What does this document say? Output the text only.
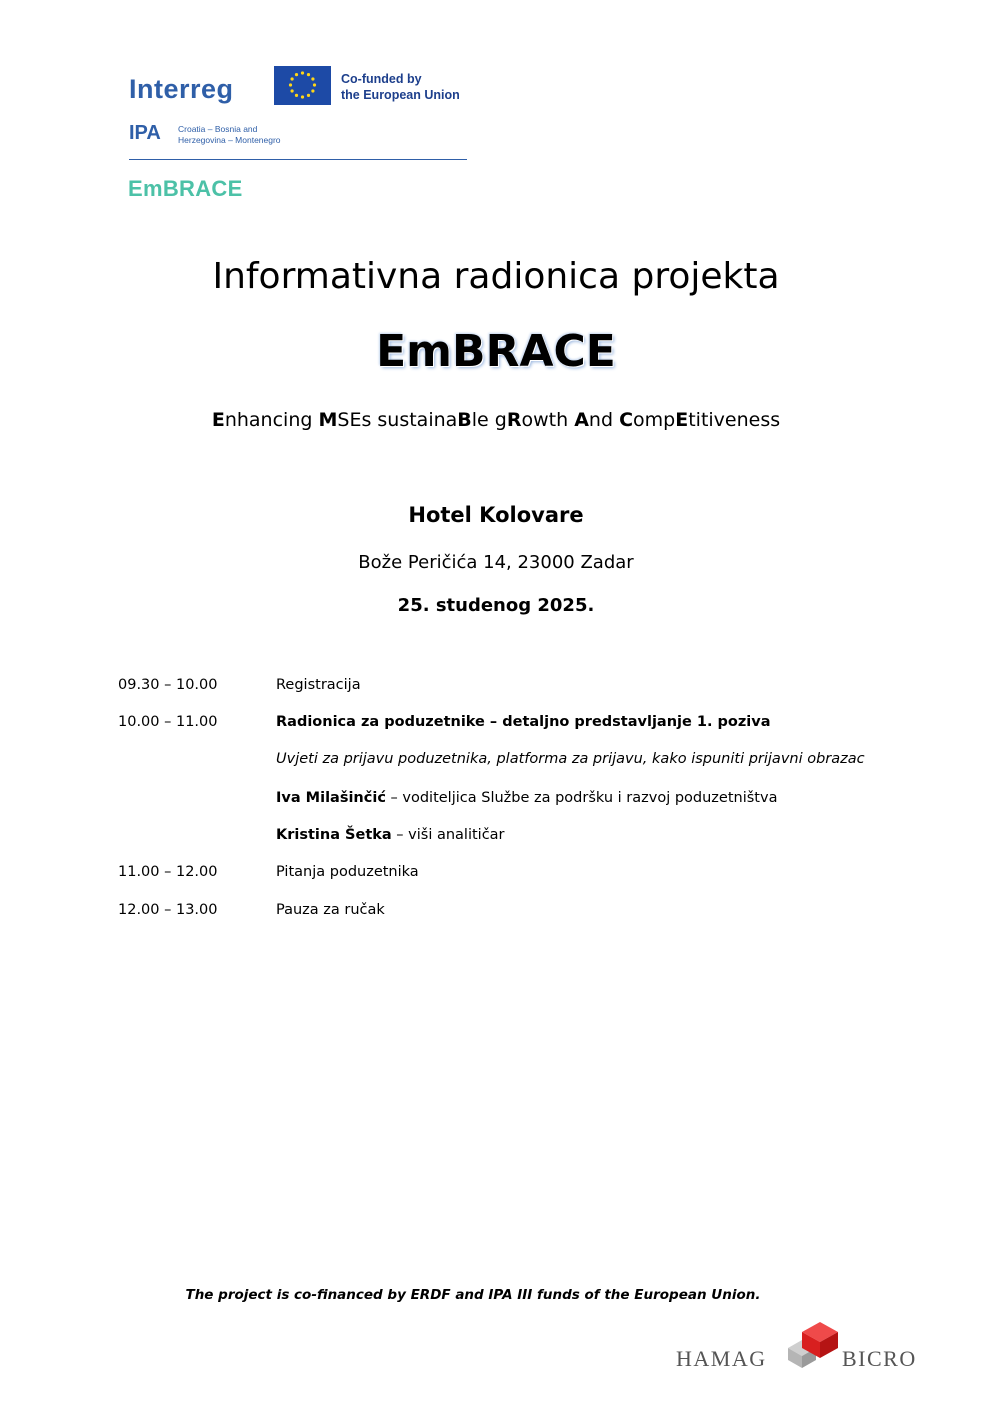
Interreg	Co-funded by
the European Union
IPA Croatia – Bosnia and
Herzegovina – Montenegro
EmBRACE
Informativna radionica projekta
EmBRACE
Enhancing MSEs sustainaBle gRowth And CompEtitiveness
Hotel Kolovare
Bože Peričića 14, 23000 Zadar
25. studenog 2025.
09.30 – 10.00	Registracija
10.00 – 11.00	Radionica za poduzetnike – detaljno predstavljanje 1. poziva
Uvjeti za prijavu poduzetnika, platforma za prijavu, kako ispuniti prijavni obrazac
Iva Milašinčić – voditeljica Službe za podršku i razvoj poduzetništva
Kristina Šetka – viši analitičar
11.00 – 12.00	Pitanja poduzetnika
12.00 – 13.00	Pauza za ručak
The project is co-financed by ERDF and IPA III funds of the European Union.
HAMAG	BICRO
